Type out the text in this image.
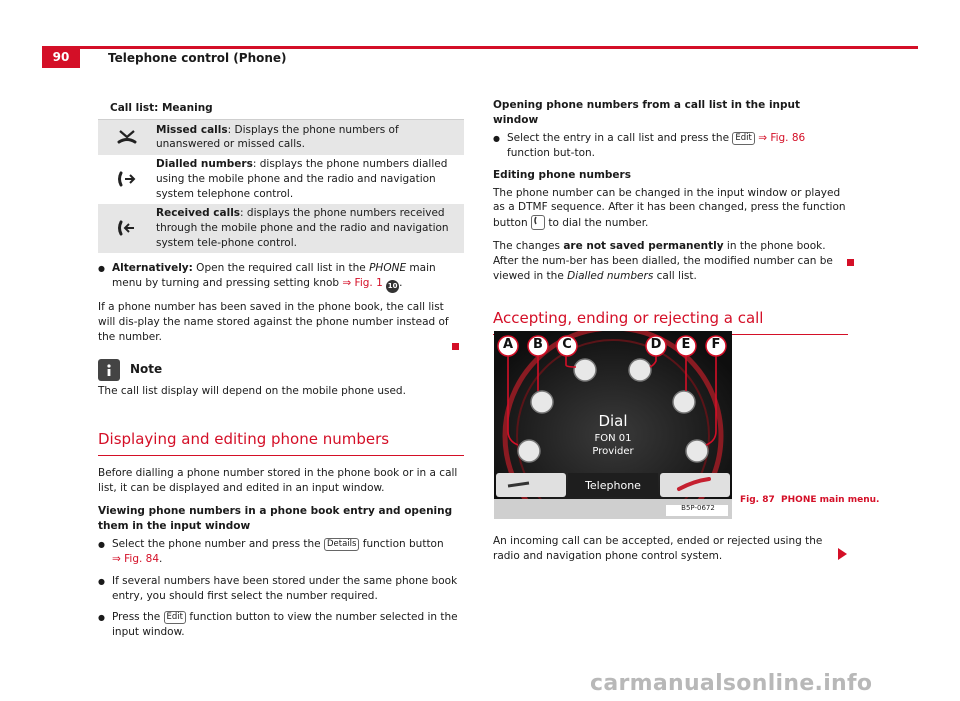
90	Telephone control (Phone)
Call list: Meaning
Missed calls: Displays the phone numbers of unanswered or missed calls.
Dialled numbers: displays the phone numbers dialled using the mobile phone and the radio and navigation system telephone control.
Received calls: displays the phone numbers received through the mobile phone and the radio and navigation system tele-phone control.
● Alternatively: Open the required call list in the PHONE main menu by turning and pressing setting knob ⇒ Fig. 1 10 .

If a phone number has been saved in the phone book, the call list will dis-play the name stored against the phone number instead of the number.

Note

The call list display will depend on the mobile phone used.

Displaying and editing phone numbers

Before dialling a phone number stored in the phone book or in a call list, it can be displayed and edited in an input window.

Viewing phone numbers in a phone book entry and opening them in the input window
● Select the phone number and press the Details function button
⇒ Fig. 84.
● If several numbers have been stored under the same phone book entry, you should first select the number required.
● Press the Edit function button to view the number selected in the input window.
Opening phone numbers from a call list in the input window
● Select the entry in a call list and press the Edit ⇒ Fig. 86 function but-ton.
Editing phone numbers

The phone number can be changed in the input window or played as a DTMF sequence. After it has been changed, press the function button  to dial the number.

The changes are not saved permanently in the phone book. After the num-ber has been dialled, the modified number can be viewed in the Dialled numbers call list.

Accepting, ending or rejecting a call
A B C	D E F
Dial
FON 01
Provider
Telephone
B5P-0672
Fig. 87 PHONE main menu.
An incoming call can be accepted, ended or rejected using the radio and navigation phone control system.
carmanualsonline.info
